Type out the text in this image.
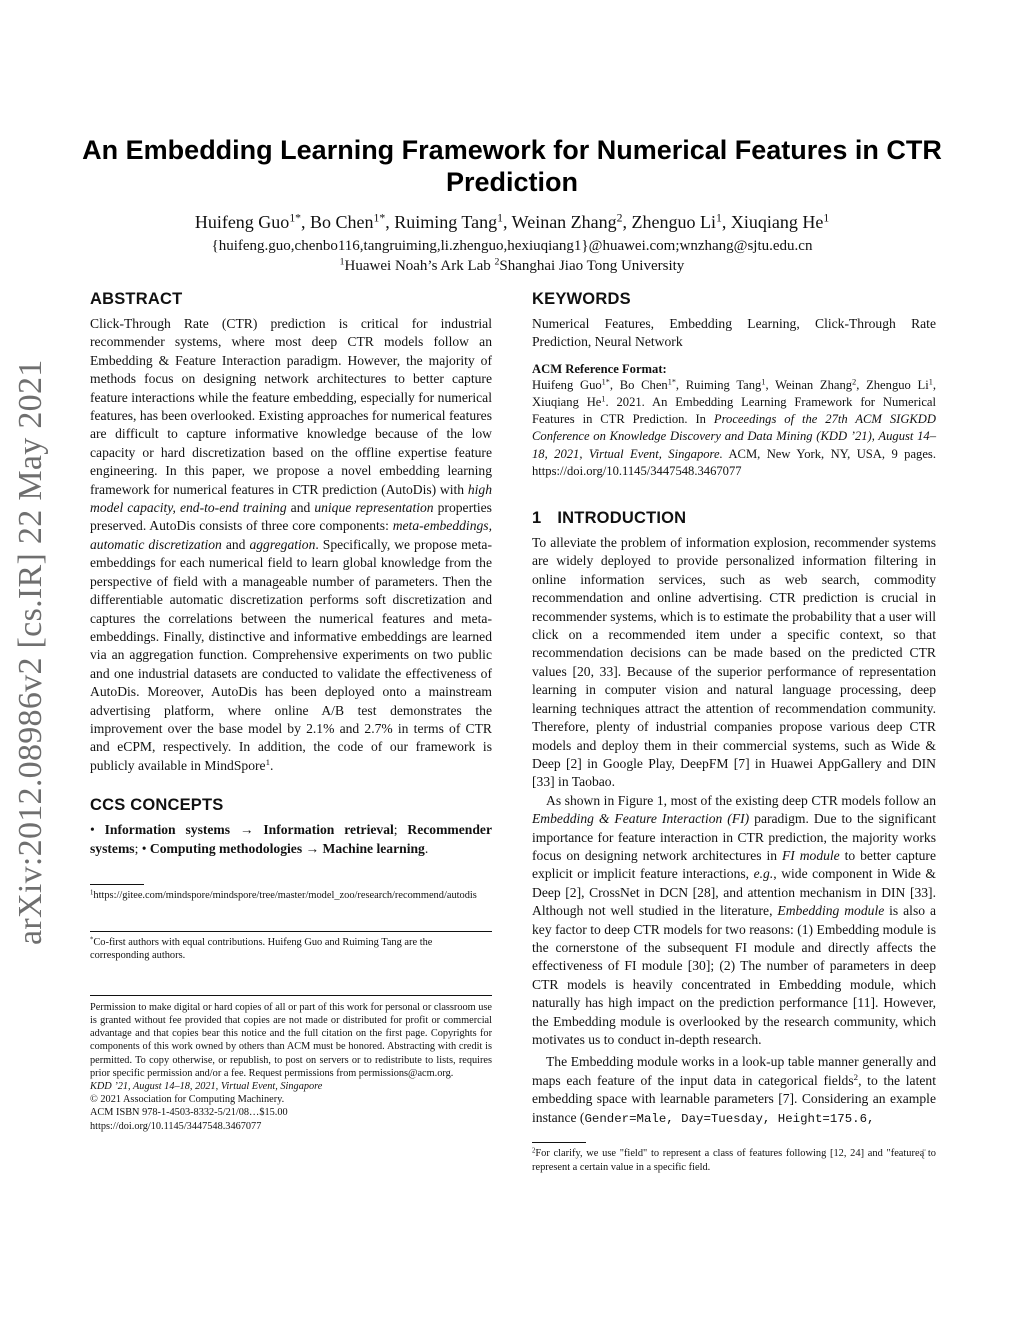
arXiv:2012.08986v2 [cs.IR] 22 May 2021
An Embedding Learning Framework for Numerical Features in CTR Prediction
Huifeng Guo$^{1*}$, Bo Chen$^{1*}$, Ruiming Tang$^1$, Weinan Zhang$^2$, Zhenguo Li$^1$, Xiuqiang He$^1$
{huifeng.guo,chenbo116,tangruiming,li.zhenguo,hexiuqiang1}@huawei.com;wnzhang@sjtu.edu.cn
$^1$Huawei Noah’s Ark Lab $^2$Shanghai Jiao Tong University
ABSTRACT

Click-Through Rate (CTR) prediction is critical for industrial recommender systems, where most deep CTR models follow an Embedding & Feature Interaction paradigm. However, the majority of methods focus on designing network architectures to better capture feature interactions while the feature embedding, especially for numerical features, has been overlooked. Existing approaches for numerical features are difficult to capture informative knowledge because of the low capacity or hard discretization based on the offline expertise feature engineering. In this paper, we propose a novel embedding learning framework for numerical features in CTR prediction (AutoDis) with high model capacity, end-to-end training and unique representation properties preserved. AutoDis consists of three core components: meta-embeddings, automatic discretization and aggregation. Specifically, we propose meta-embeddings for each numerical field to learn global knowledge from the perspective of field with a manageable number of parameters. Then the differentiable automatic discretization performs soft discretization and captures the correlations between the numerical features and meta-embeddings. Finally, distinctive and informative embeddings are learned via an aggregation function. Comprehensive experiments on two public and one industrial datasets are conducted to validate the effectiveness of AutoDis. Moreover, AutoDis has been deployed onto a mainstream advertising platform, where online A/B test demonstrates the improvement over the base model by 2.1% and 2.7% in terms of CTR and eCPM, respectively. In addition, the code of our framework is publicly available in MindSpore$^1$.

CCS CONCEPTS

• Information systems → Information retrieval; Recommender systems; • Computing methodologies → Machine learning.

$^1$https://gitee.com/mindspore/mindspore/tree/master/model_zoo/research/recommend/autodis

*Co-first authors with equal contributions. Huifeng Guo and Ruiming Tang are the corresponding authors.

Permission to make digital or hard copies of all or part of this work for personal or classroom use is granted without fee provided that copies are not made or distributed for profit or commercial advantage and that copies bear this notice and the full citation on the first page. Copyrights for components of this work owned by others than ACM must be honored. Abstracting with credit is permitted. To copy otherwise, or republish, to post on servers or to redistribute to lists, requires prior specific permission and/or a fee. Request permissions from permissions@acm.org.

KDD ’21, August 14–18, 2021, Virtual Event, Singapore

© 2021 Association for Computing Machinery.

ACM ISBN 978-1-4503-8332-5/21/08…$15.00

https://doi.org/10.1145/3447548.3467077

KEYWORDS

Numerical Features, Embedding Learning, Click-Through Rate Prediction, Neural Network

ACM Reference Format:

Huifeng Guo$^{1*}$, Bo Chen$^{1*}$, Ruiming Tang$^1$, Weinan Zhang$^2$, Zhenguo Li$^1$, Xiuqiang He$^1$. 2021. An Embedding Learning Framework for Numerical Features in CTR Prediction. In Proceedings of the 27th ACM SIGKDD Conference on Knowledge Discovery and Data Mining (KDD ’21), August 14–18, 2021, Virtual Event, Singapore. ACM, New York, NY, USA, 9 pages. https://doi.org/10.1145/3447548.3467077

1 INTRODUCTION

To alleviate the problem of information explosion, recommender systems are widely deployed to provide personalized information filtering in online information services, such as web search, commodity recommendation and online advertising. CTR prediction is crucial in recommender systems, which is to estimate the probability that a user will click on a recommended item under a specific context, so that recommendation decisions can be made based on the predicted CTR values [20, 33]. Because of the superior performance of representation learning in computer vision and natural language processing, deep learning techniques attract the attention of recommendation community. Therefore, plenty of industrial companies propose various deep CTR models and deploy them in their commercial systems, such as Wide & Deep [2] in Google Play, DeepFM [7] in Huawei AppGallery and DIN [33] in Taobao.

As shown in Figure 1, most of the existing deep CTR models follow an Embedding & Feature Interaction (FI) paradigm. Due to the significant importance for feature interaction in CTR prediction, the majority works focus on designing network architectures in FI module to better capture explicit or implicit feature interactions, e.g., wide component in Wide & Deep [2], CrossNet in DCN [28], and attention mechanism in DIN [33]. Although not well studied in the literature, Embedding module is also a key factor to deep CTR models for two reasons: (1) Embedding module is the cornerstone of the subsequent FI module and directly affects the effectiveness of FI module [30]; (2) The number of parameters in deep CTR models is heavily concentrated in Embedding module, which naturally has high impact on the prediction performance [11]. However, the Embedding module is overlooked by the research community, which motivates us to conduct in-depth research.

The Embedding module works in a look-up table manner generally and maps each feature of the input data in categorical fields$^2$, to the latent embedding space with learnable parameters [7]. Considering an example instance (Gender=Male, Day=Tuesday, Height=175.6,

$^2$For clarify, we use "field" to represent a class of features following [12, 24] and "featureą̈ to represent a certain value in a specific field.
